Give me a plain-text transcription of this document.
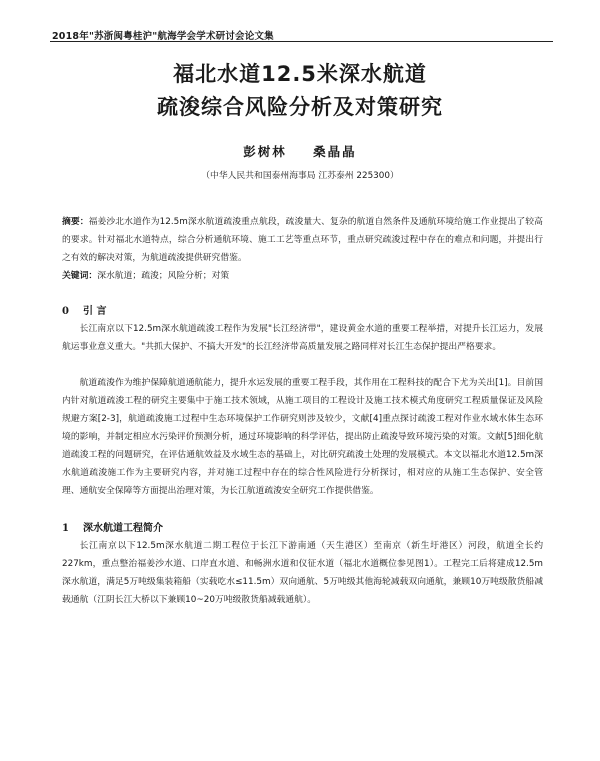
2018年"苏浙闽粤桂沪"航海学会学术研讨会论文集
福北水道12.5米深水航道
疏浚综合风险分析及对策研究
彭树林 桑晶晶
（中华人民共和国泰州海事局 江苏泰州 225300）
摘要：福姜沙北水道作为12.5m深水航道疏浚重点航段，疏浚量大、复杂的航道自然条件及通航环境给施工作业提出了较高的要求。针对福北水道特点，综合分析通航环境、施工工艺等重点环节，重点研究疏浚过程中存在的难点和问题，并提出行之有效的解决对策，为航道疏浚提供研究借鉴。
关键词：深水航道；疏浚；风险分析；对策
0 引 言
长江南京以下12.5m深水航道疏浚工程作为发展"长江经济带"，建设黄金水道的重要工程举措，对提升长江运力，发展航运事业意义重大。"共抓大保护、不搞大开发"的长江经济带高质量发展之路同样对长江生态保护提出严格要求。
航道疏浚作为维护保障航道通航能力，提升水运发展的重要工程手段，其作用在工程科技的配合下尤为关出[1]。目前国内针对航道疏浚工程的研究主要集中于施工技术领域，从施工项目的工程设计及施工技术模式角度研究工程质量保证及风险规避方案[2-3]，航道疏浚施工过程中生态环境保护工作研究则涉及较少，文献[4]重点探讨疏浚工程对作业水域水体生态环境的影响，并制定相应水污染评价预测分析，通过环境影响的科学评估，提出防止疏浚导致环境污染的对策。文献[5]细化航道疏浚工程的问题研究，在评估通航效益及水域生态的基础上，对比研究疏浚土处理的发展模式。本文以福北水道12.5m深水航道疏浚施工作为主要研究内容，并对施工过程中存在的综合性风险进行分析探讨，相对应的从施工生态保护、安全管理、通航安全保障等方面提出治理对策，为长江航道疏浚安全研究工作提供借鉴。
1 深水航道工程简介
长江南京以下12.5m深水航道二期工程位于长江下游南通（天生港区）至南京（新生圩港区）河段，航道全长约227km，重点整治福姜沙水道、口岸直水道、和畅洲水道和仪征水道（福北水道概位参见图1）。工程完工后将建成12.5m深水航道，满足5万吨级集装箱船（实载吃水≤11.5m）双向通航、5万吨级其他海轮减载双向通航，兼顾10万吨级散货船减载通航（江阴长江大桥以下兼顾10~20万吨级散货船减载通航）。
